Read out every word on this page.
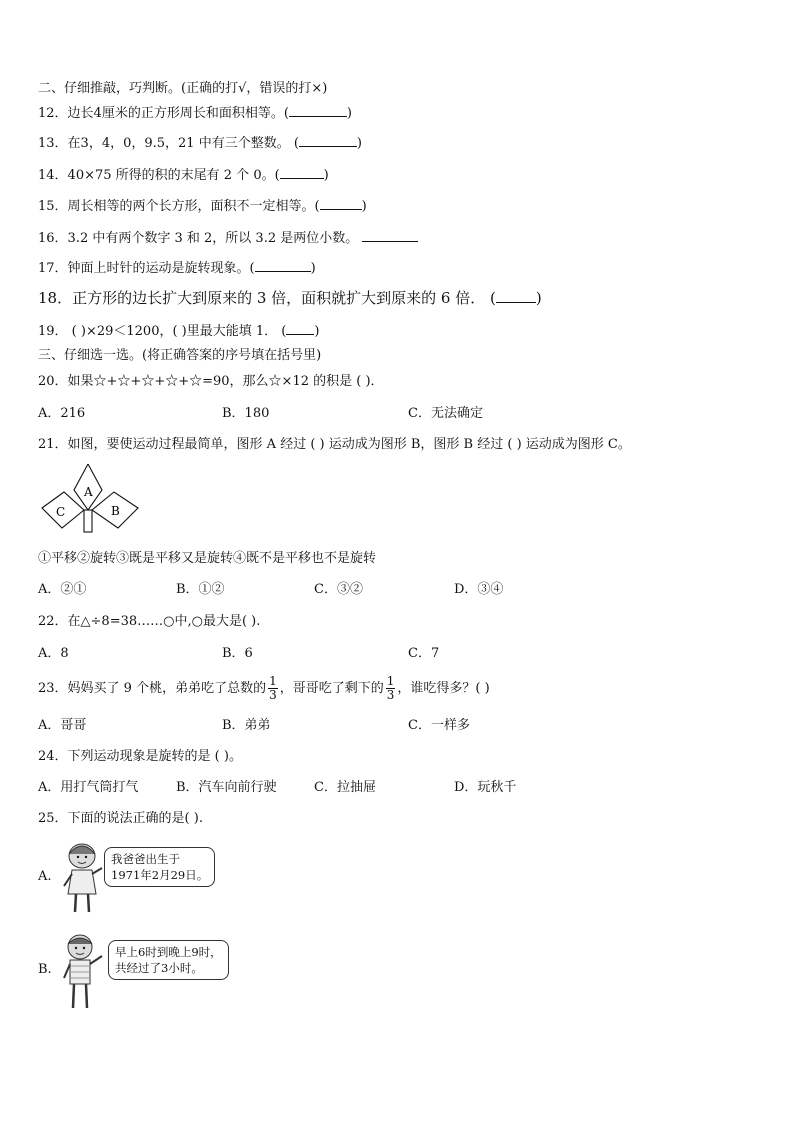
二、仔细推敲，巧判断。(正确的打√，错误的打×)
12．边长4厘米的正方形周长和面积相等。(	)
13．在3，4，0，9.5，21 中有三个整数。 (	)
14．40×75 所得的积的末尾有 2 个 0。(	)
15．周长相等的两个长方形，面积不一定相等。(	)
16．3.2 中有两个数字 3 和 2，所以 3.2 是两位小数。
17．钟面上时针的运动是旋转现象。(	)
18．正方形的边长扩大到原来的 3 倍，面积就扩大到原来的 6 倍． (	)
19． ( )×29＜1200，( )里最大能填 1． ( )
三、仔细选一选。(将正确答案的序号填在括号里)
20．如果☆+☆+☆+☆+☆=90，那么☆×12 的积是 ( )．
A．216	B．180	C．无法确定
21．如图，要使运动过程最简单，图形 A 经过 ( ) 运动成为图形 B，图形 B 经过 ( ) 运动成为图形 C。
A
B
C
①平移②旋转③既是平移又是旋转④既不是平移也不是旋转
A．②①	B．①②	C．③②	D．③④
22．在△÷8=38……○中,○最大是( ).
A．8	B．6	C．7
23．妈妈买了 9 个桃，弟弟吃了总数的 $\frac{1}{3}$ ，哥哥吃了剩下的 $\frac{1}{3}$ ，谁吃得多？( )
A．哥哥	B．弟弟	C．一样多
24．下列运动现象是旋转的是 ( )。
A．用打气筒打气	B．汽车向前行驶	C．拉抽屉	D．玩秋千
25．下面的说法正确的是( ).
A.
我爸爸出生于
1971年2月29日。
B.
早上6时到晚上9时，
共经过了3小时。
